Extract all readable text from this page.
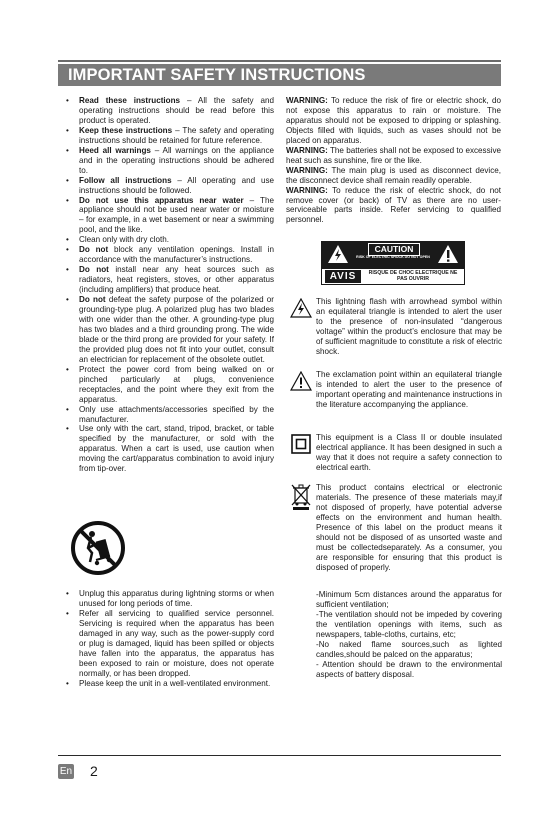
IMPORTANT SAFETY INSTRUCTIONS
• Read these instructions – All the safety and operating instructions should be read before this product is operated.
• Keep these instructions – The safety and operating instructions should be retained for future reference.
• Heed all warnings – All warnings on the appliance and in the operating instructions should be adhered to.
• Follow all instructions – All operating and use instructions should be followed.
• Do not use this apparatus near water – The appliance should not be used near water or moisture – for example, in a wet basement or near a swimming pool, and the like.
• Clean only with dry cloth.
• Do not block any ventilation openings. Install in accordance with the manufacturer’s instructions.
• Do not install near any heat sources such as radiators, heat registers, stoves, or other apparatus (including amplifiers) that produce heat.
• Do not defeat the safety purpose of the polarized or grounding-type plug. A polarized plug has two blades with one wider than the other. A grounding-type plug has two blades and a third grounding prong. The wide blade or the third prong are provided for your safety. If the provided plug does not fit into your outlet, consult an electrician for replacement of the obsolete outlet.
• Protect the power cord from being walked on or pinched particularly at plugs, convenience receptacles, and the point where they exit from the apparatus.
• Only use attachments/accessories specified by the manufacturer.
• Use only with the cart, stand, tripod, bracket, or table specified by the manufacturer, or sold with the apparatus. When a cart is used, use caution when moving the cart/apparatus combination to avoid injury from tip-over.
• Unplug this apparatus during lightning storms or when unused for long periods of time.
• Refer all servicing to qualified service personnel. Servicing is required when the apparatus has been damaged in any way, such as the power-supply cord or plug is damaged, liquid has been spilled or objects have fallen into the apparatus, the apparatus has been exposed to rain or moisture, does not operate normally, or has been dropped.
• Please keep the unit in a well-ventilated environment.

WARNING: To reduce the risk of fire or electric shock, do not expose this apparatus to rain or moisture. The apparatus should not be exposed to dripping or splashing. Objects filled with liquids, such as vases should not be placed on apparatus.

WARNING: The batteries shall not be exposed to excessive heat such as sunshine, fire or the like.

WARNING: The main plug is used as disconnect device, the disconnect device shall remain readily operable.

WARNING: To reduce the risk of electric shock, do not remove cover (or back) of TV as there are no user-serviceable parts inside. Refer servicing to qualified personnel.

CAUTION
RISK OF ELECTRIC SHOCK DO NOT OPEN
AVIS	RISQUE DE CHOC ELECTRIQUE NE PAS OUVRIR
This lightning flash with arrowhead symbol within an equilateral triangle is intended to alert the user to the presence of non-insulated “dangerous voltage” within the product’s enclosure that may be of sufficient magnitude to constitute a risk of electric shock.
The exclamation point within an equilateral triangle is intended to alert the user to the presence of important operating and maintenance instructions in the literature accompanying the appliance.
This equipment is a Class II or double insulated electrical appliance. It has been designed in such a way that it does not require a safety connection to electrical earth.
This product contains electrical or electronic materials. The presence of these materials may,if not disposed of properly, have potential adverse effects on the environment and human health. Presence of this label on the product means it should not be disposed of as unsorted waste and must be collectedseparately. As a consumer, you are responsible for ensuring that this product is disposed of properly.

-Minimum 5cm distances around the apparatus for sufficient ventilation;

-The ventilation should not be impeded by covering the ventilation openings with items, such as newspapers, table-cloths, curtains, etc;

-No naked flame sources,such as lighted candles,should be palced on the apparatus;

- Attention should be drawn to the environmental aspects of battery disposal.

En 2
